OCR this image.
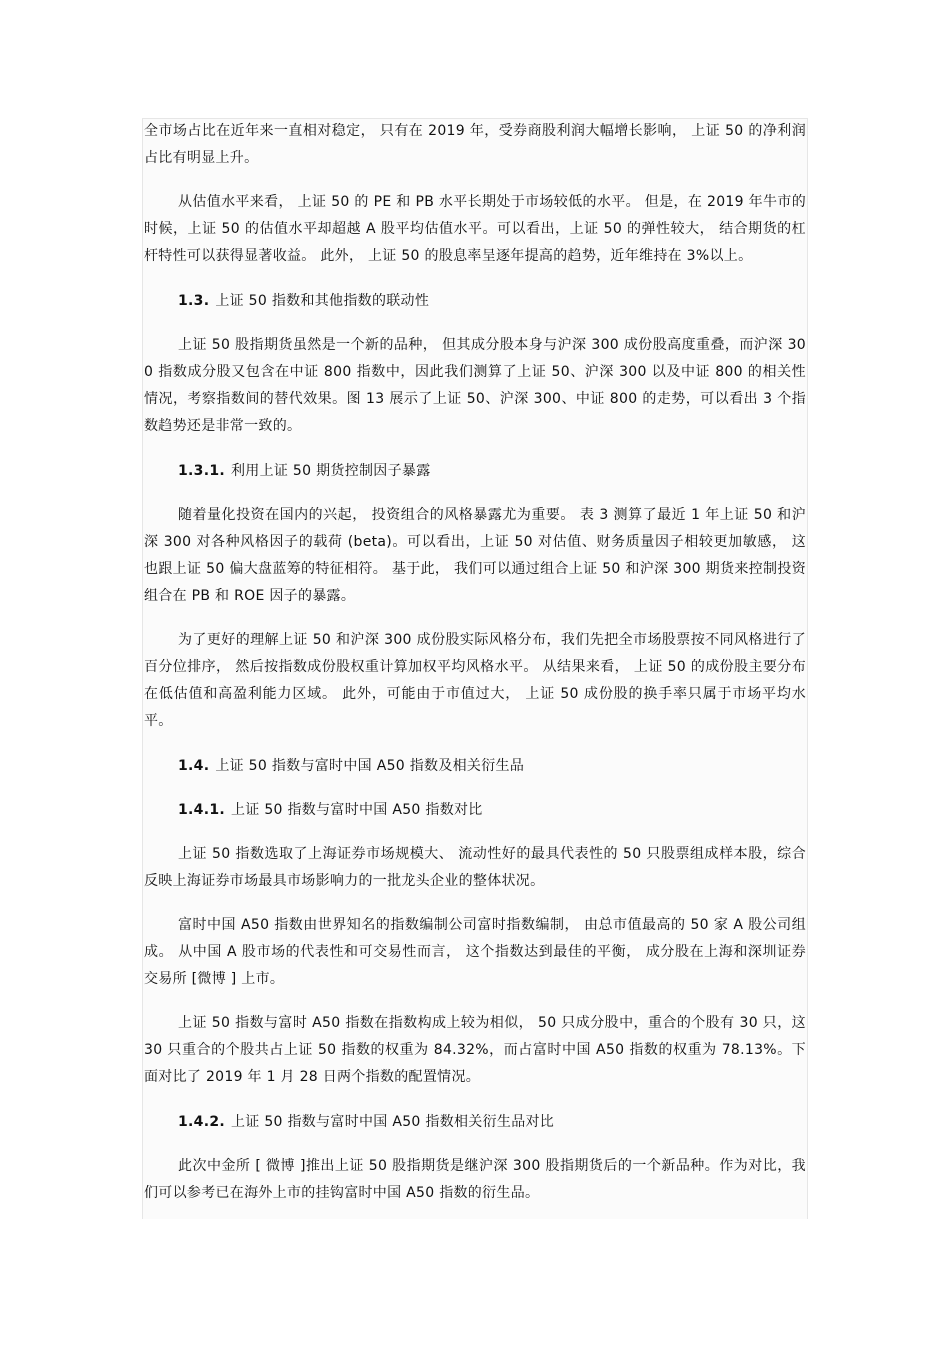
全市场占比在近年来一直相对稳定， 只有在 2019 年，受券商股利润大幅增长影响， 上证 50 的净利润占比有明显上升。

从估值水平来看， 上证 50 的 PE 和 PB 水平长期处于市场较低的水平。 但是，在 2019 年牛市的时候，上证 50 的估值水平却超越 A 股平均估值水平。可以看出，上证 50 的弹性较大， 结合期货的杠杆特性可以获得显著收益。 此外， 上证 50 的股息率呈逐年提高的趋势，近年维持在 3%以上。

1.3. 上证 50 指数和其他指数的联动性

上证 50 股指期货虽然是一个新的品种， 但其成分股本身与沪深 300 成份股高度重叠，而沪深 300 指数成分股又包含在中证 800 指数中，因此我们测算了上证 50、沪深 300 以及中证 800 的相关性情况，考察指数间的替代效果。图 13 展示了上证 50、沪深 300、中证 800 的走势，可以看出 3 个指数趋势还是非常一致的。

1.3.1. 利用上证 50 期货控制因子暴露

随着量化投资在国内的兴起， 投资组合的风格暴露尤为重要。 表 3 测算了最近 1 年上证 50 和沪深 300 对各种风格因子的载荷 (beta)。可以看出，上证 50 对估值、财务质量因子相较更加敏感， 这也跟上证 50 偏大盘蓝筹的特征相符。 基于此， 我们可以通过组合上证 50 和沪深 300 期货来控制投资组合在 PB 和 ROE 因子的暴露。

为了更好的理解上证 50 和沪深 300 成份股实际风格分布，我们先把全市场股票按不同风格进行了百分位排序， 然后按指数成份股权重计算加权平均风格水平。 从结果来看， 上证 50 的成份股主要分布在低估值和高盈利能力区域。 此外，可能由于市值过大， 上证 50 成份股的换手率只属于市场平均水平。

1.4. 上证 50 指数与富时中国 A50 指数及相关衍生品
1.4.1. 上证 50 指数与富时中国 A50 指数对比

上证 50 指数选取了上海证券市场规模大、 流动性好的最具代表性的 50 只股票组成样本股，综合反映上海证券市场最具市场影响力的一批龙头企业的整体状况。

富时中国 A50 指数由世界知名的指数编制公司富时指数编制， 由总市值最高的 50 家 A 股公司组成。 从中国 A 股市场的代表性和可交易性而言， 这个指数达到最佳的平衡， 成分股在上海和深圳证券交易所 [微博 ] 上市。

上证 50 指数与富时 A50 指数在指数构成上较为相似， 50 只成分股中，重合的个股有 30 只，这 30 只重合的个股共占上证 50 指数的权重为 84.32%，而占富时中国 A50 指数的权重为 78.13%。下面对比了 2019 年 1 月 28 日两个指数的配置情况。

1.4.2. 上证 50 指数与富时中国 A50 指数相关衍生品对比

此次中金所 [ 微博 ]推出上证 50 股指期货是继沪深 300 股指期货后的一个新品种。作为对比，我们可以参考已在海外上市的挂钩富时中国 A50 指数的衍生品。
